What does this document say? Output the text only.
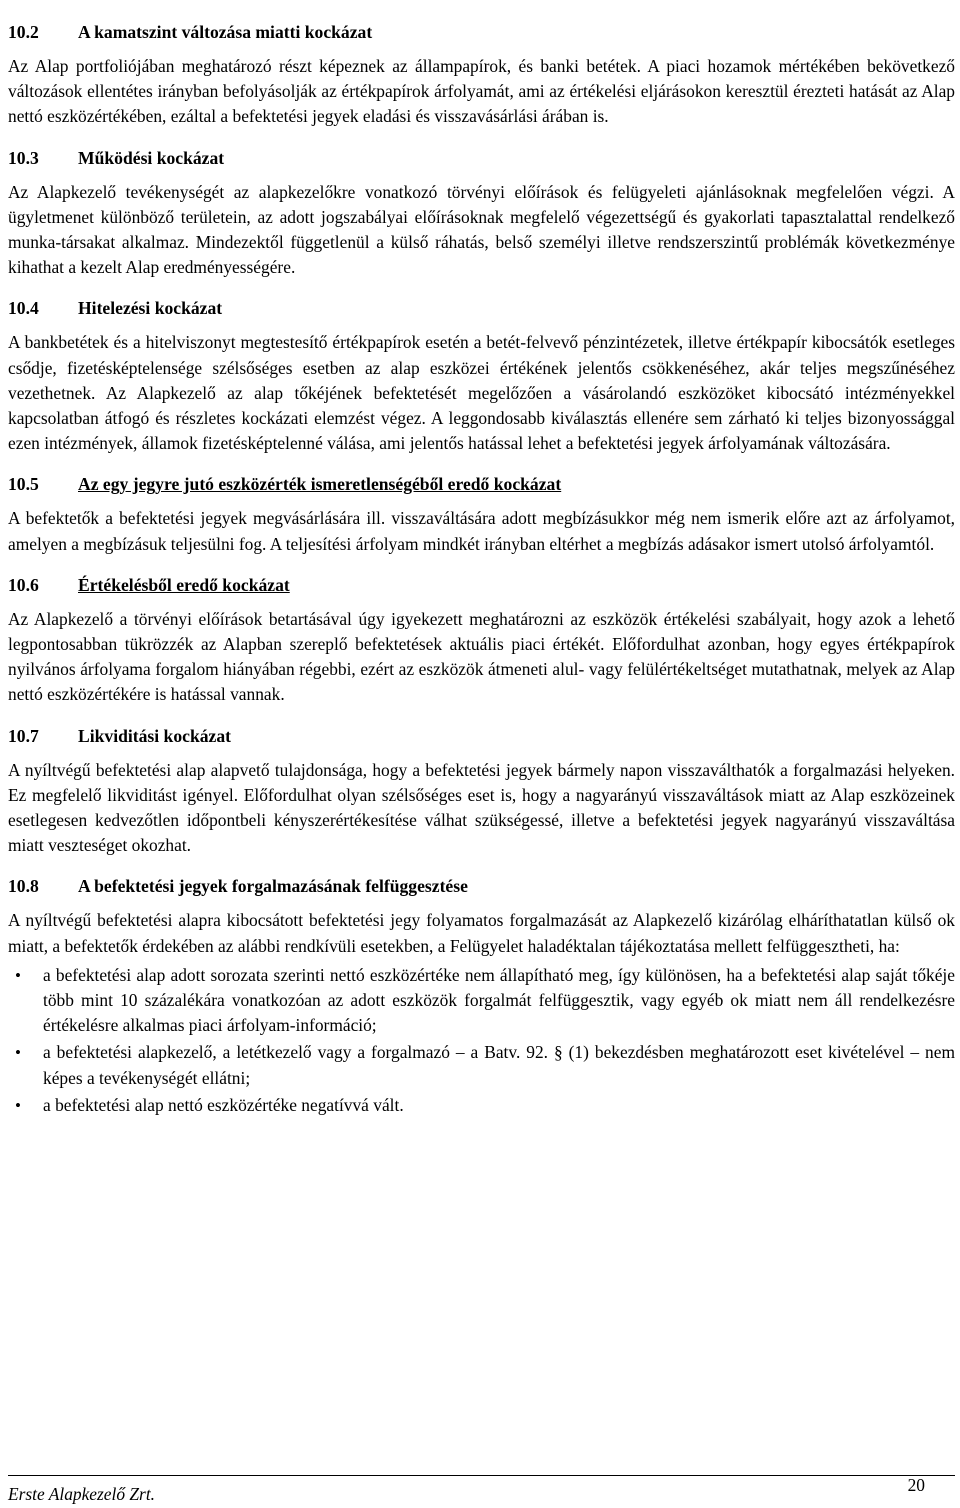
10.2	A kamatszint változása miatti kockázat

Az Alap portfoliójában meghatározó részt képeznek az állampapírok, és banki betétek. A piaci hozamok mértékében bekövetkező változások ellentétes irányban befolyásolják az értékpapírok árfolyamát, ami az értékelési eljárásokon keresztül érezteti hatását az Alap nettó eszközértékében, ezáltal a befektetési jegyek eladási és visszavásárlási árában is.

10.3	Működési kockázat

Az Alapkezelő tevékenységét az alapkezelőkre vonatkozó törvényi előírások és felügyeleti ajánlásoknak megfelelően végzi. A ügyletmenet különböző területein, az adott jogszabályai előírásoknak megfelelő végezettségű és gyakorlati tapasztalattal rendelkező munka-társakat alkalmaz. Mindezektől függetlenül a külső ráhatás, belső személyi illetve rendszerszintű problémák következménye kihathat a kezelt Alap eredményességére.

10.4	Hitelezési kockázat

A bankbetétek és a hitelviszonyt megtestesítő értékpapírok esetén a betét-felvevő pénzintézetek, illetve értékpapír kibocsátók esetleges csődje, fizetésképtelensége szélsőséges esetben az alap eszközei értékének jelentős csökkenéséhez, akár teljes megszűnéséhez vezethetnek. Az Alapkezelő az alap tőkéjének befektetését megelőzően a vásárolandó eszközöket kibocsátó intézményekkel kapcsolatban átfogó és részletes kockázati elemzést végez. A leggondosabb kiválasztás ellenére sem zárható ki teljes bizonyossággal ezen intézmények, államok fizetésképtelenné válása, ami jelentős hatással lehet a befektetési jegyek árfolyamának változására.

10.5	Az egy jegyre jutó eszközérték ismeretlenségéből eredő kockázat

A befektetők a befektetési jegyek megvásárlására ill. visszaváltására adott megbízásukkor még nem ismerik előre azt az árfolyamot, amelyen a megbízásuk teljesülni fog. A teljesítési árfolyam mindkét irányban eltérhet a megbízás adásakor ismert utolsó árfolyamtól.

10.6	Értékelésből eredő kockázat

Az Alapkezelő a törvényi előírások betartásával úgy igyekezett meghatározni az eszközök értékelési szabályait, hogy azok a lehető legpontosabban tükrözzék az Alapban szereplő befektetések aktuális piaci értékét. Előfordulhat azonban, hogy egyes értékpapírok nyilvános árfolyama forgalom hiányában régebbi, ezért az eszközök átmeneti alul- vagy felülértékeltséget mutathatnak, melyek az Alap nettó eszközértékére is hatással vannak.

10.7	Likviditási kockázat

A nyíltvégű befektetési alap alapvető tulajdonsága, hogy a befektetési jegyek bármely napon visszaválthatók a forgalmazási helyeken. Ez megfelelő likviditást igényel. Előfordulhat olyan szélsőséges eset is, hogy a nagyarányú visszaváltások miatt az Alap eszközeinek esetlegesen kedvezőtlen időpontbeli kényszerértékesítése válhat szükségessé, illetve a befektetési jegyek nagyarányú visszaváltása miatt veszteséget okozhat.

10.8	A befektetési jegyek forgalmazásának felfüggesztése

A nyíltvégű befektetési alapra kibocsátott befektetési jegy folyamatos forgalmazását az Alapkezelő kizárólag elháríthatatlan külső ok miatt, a befektetők érdekében az alábbi rendkívüli esetekben, a Felügyelet haladéktalan tájékoztatása mellett felfüggesztheti, ha:

• a befektetési alap adott sorozata szerinti nettó eszközértéke nem állapítható meg, így különösen, ha a befektetési alap saját tőkéje több mint 10 százalékára vonatkozóan az adott eszközök forgalmát felfüggesztik, vagy egyéb ok miatt nem áll rendelkezésre értékelésre alkalmas piaci árfolyam-információ;
• a befektetési alapkezelő, a letétkezelő vagy a forgalmazó – a Batv. 92. § (1) bekezdésben meghatározott eset kivételével – nem képes a tevékenységét ellátni;
• a befektetési alap nettó eszközértéke negatívvá vált.
Erste Alapkezelő Zrt.	20
